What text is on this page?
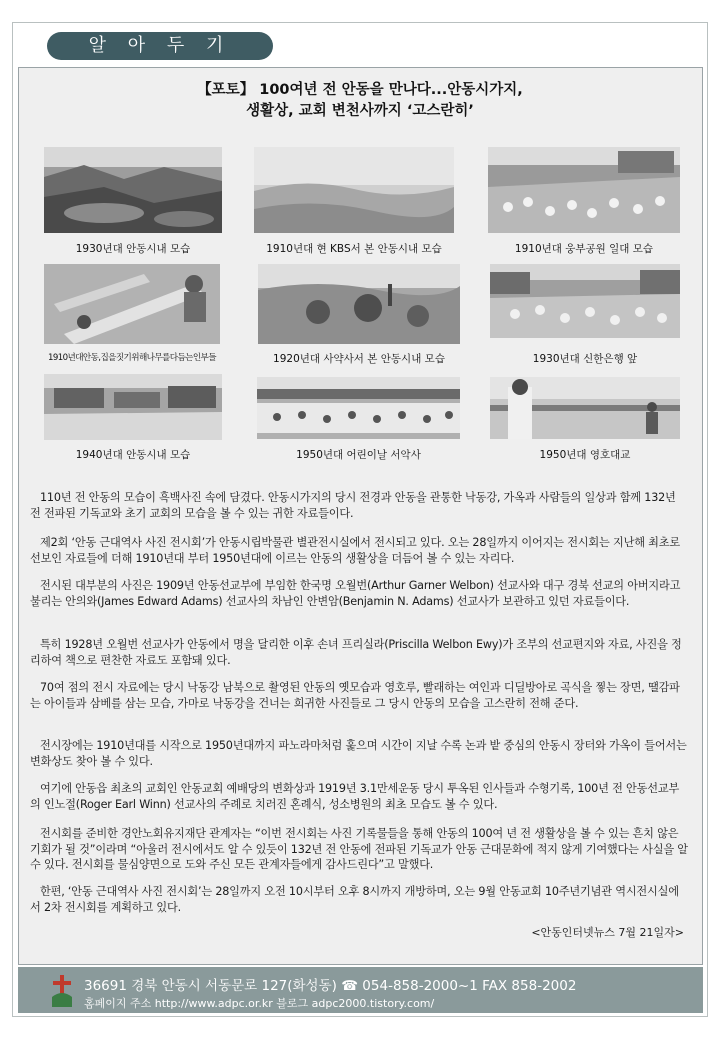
알 아 두 기
【포토】 100여년 전 안동을 만나다...안동시가지,
생활상, 교회 변천사까지 ‘고스란히’
1930년대 안동시내 모습	1910년대 현 KBS서 본 안동시내 모습	1910년대 웅부공원 일대 모습
1910년대안동,집을짓기위해나무를다듬는인부들	1920년대 사약사서 본 안동시내 모습	1930년대 신한은행 앞
1940년대 안동시내 모습	1950년대 어린이날 서악사	1950년대 영호대교

110년 전 안동의 모습이 흑백사진 속에 담겼다. 안동시가지의 당시 전경과 안동을 관통한 낙동강, 가옥과 사람들의 일상과 함께 132년 전 전파된 기독교와 초기 교회의 모습을 볼 수 있는 귀한 자료들이다.

제2회 ‘안동 근대역사 사진 전시회’가 안동시립박물관 별관전시실에서 전시되고 있다. 오는 28일까지 이어지는 전시회는 지난해 최초로 선보인 자료들에 더해 1910년대 부터 1950년대에 이르는 안동의 생활상을 더듬어 볼 수 있는 자리다.

전시된 대부분의 사진은 1909년 안동선교부에 부임한 한국명 오월번(Arthur Garner Welbon) 선교사와 대구 경북 선교의 아버지라고 불리는 안의와(James Edward Adams) 선교사의 차남인 안변암(Benjamin N. Adams) 선교사가 보관하고 있던 자료들이다.

특히 1928년 오월번 선교사가 안동에서 명을 달리한 이후 손녀 프리실라(Priscilla Welbon Ewy)가 조부의 선교편지와 자료, 사진을 정리하여 책으로 편찬한 자료도 포함돼 있다.

70여 점의 전시 자료에는 당시 낙동강 남북으로 촬영된 안동의 옛모습과 영호루, 빨래하는 여인과 디딜방아로 곡식을 찧는 장면, 땔감파는 아이들과 삼베를 삼는 모습, 가마로 낙동강을 건너는 희귀한 사진들로 그 당시 안동의 모습을 고스란히 전해 준다.

전시장에는 1910년대를 시작으로 1950년대까지 파노라마처럼 훑으며 시간이 지날 수록 논과 밭 중심의 안동시 장터와 가옥이 들어서는 변화상도 찾아 볼 수 있다.

여기에 안동읍 최초의 교회인 안동교회 예배당의 변화상과 1919년 3.1만세운동 당시 투옥된 인사들과 수형기록, 100년 전 안동선교부의 인노절(Roger Earl Winn) 선교사의 주례로 치러진 혼례식, 성소병원의 최초 모습도 볼 수 있다.

전시회를 준비한 경안노회유지재단 관계자는 “이번 전시회는 사진 기록물들을 통해 안동의 100여 년 전 생활상을 볼 수 있는 흔치 않은 기회가 될 것”이라며 “아울러 전시에서도 알 수 있듯이 132년 전 안동에 전파된 기독교가 안동 근대문화에 적지 않게 기여했다는 사실을 알 수 있다. 전시회를 물심양면으로 도와 주신 모든 관계자들에게 감사드린다”고 말했다.

한편, ‘안동 근대역사 사진 전시회’는 28일까지 오전 10시부터 오후 8시까지 개방하며, 오는 9월 안동교회 10주년기념관 역시전시실에서 2차 전시회를 계획하고 있다.

<안동인터넷뉴스 7월 21일자>
36691 경북 안동시 서동문로 127(화성동) ☎ 054-858-2000~1 FAX 858-2002
홈페이지 주소 http://www.adpc.or.kr 블로그 adpc2000.tistory.com/
